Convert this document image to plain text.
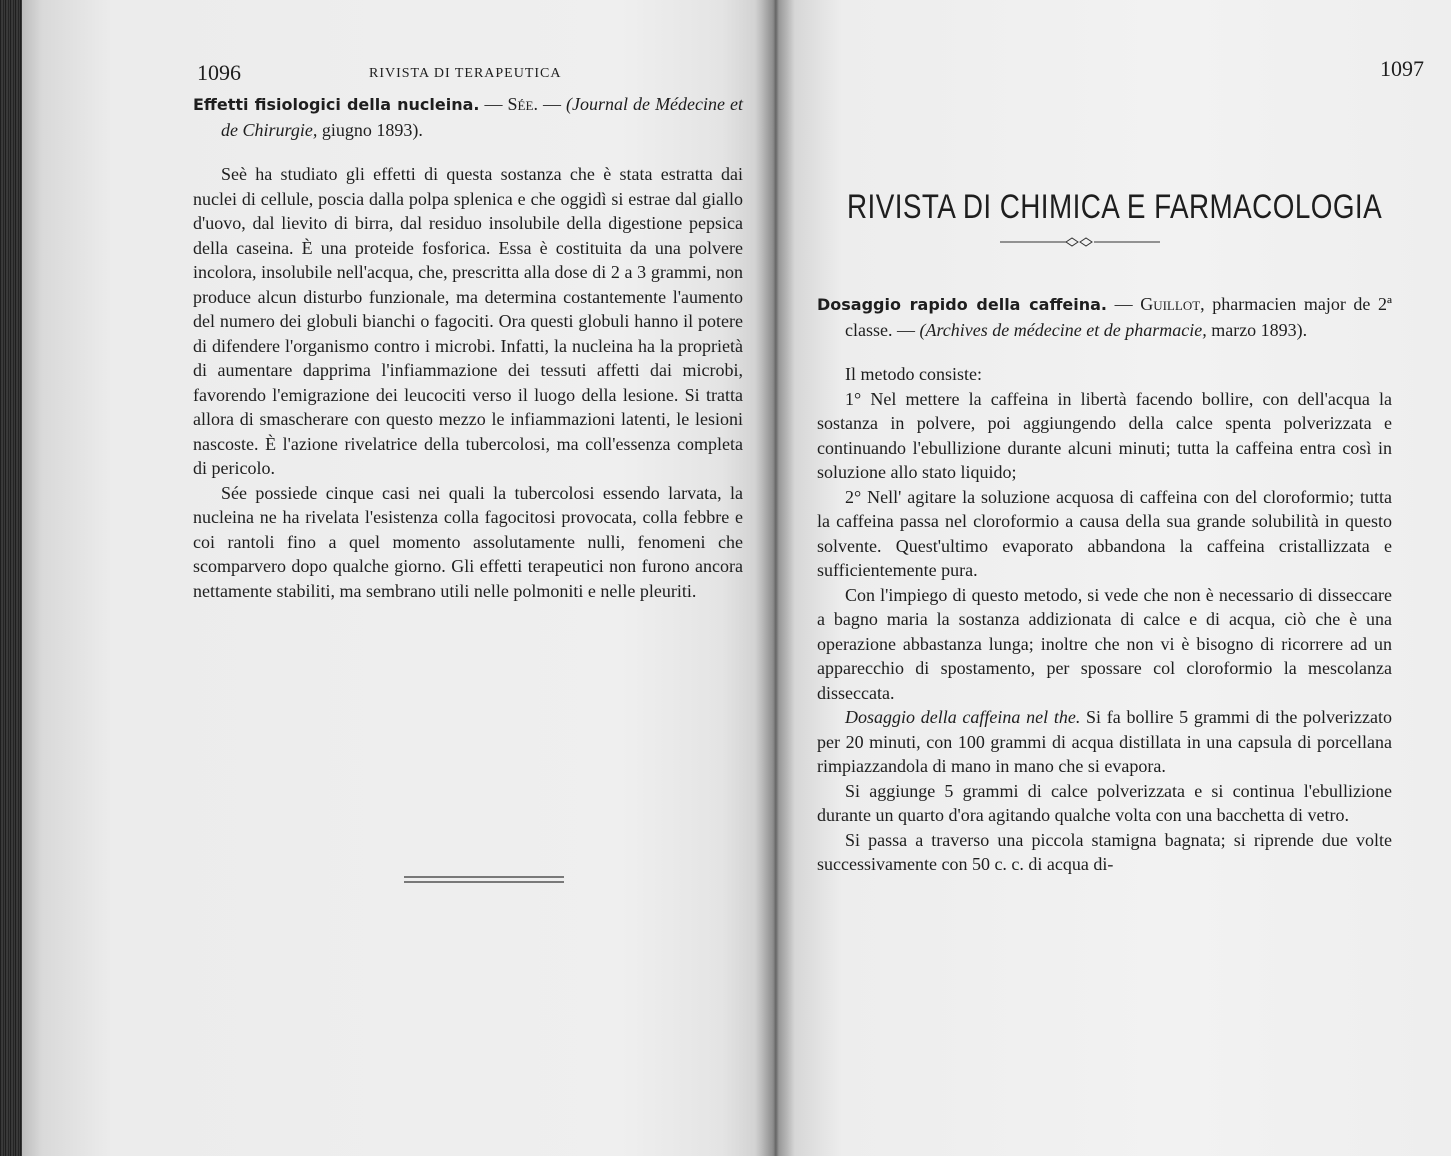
1096	RIVISTA DI TERAPEUTICA

Effetti fisiologici della nucleina. — Sée. — (Journal de Médecine et de Chirurgie, giugno 1893).

Seè ha studiato gli effetti di questa sostanza che è stata estratta dai nuclei di cellule, poscia dalla polpa splenica e che oggidì si estrae dal giallo d'uovo, dal lievito di birra, dal residuo insolubile della digestione pepsica della caseina. È una proteide fosforica. Essa è costituita da una polvere incolora, insolubile nell'acqua, che, prescritta alla dose di 2 a 3 grammi, non produce alcun disturbo funzionale, ma determina costantemente l'aumento del numero dei globuli bianchi o fagociti. Ora questi globuli hanno il potere di difendere l'organismo contro i microbi. Infatti, la nucleina ha la proprietà di aumentare dapprima l'infiammazione dei tessuti affetti dai microbi, favorendo l'emigrazione dei leucociti verso il luogo della lesione. Si tratta allora di smascherare con questo mezzo le infiammazioni latenti, le lesioni nascoste. È l'azione rivelatrice della tubercolosi, ma coll'essenza completa di pericolo.

Sée possiede cinque casi nei quali la tubercolosi essendo larvata, la nucleina ne ha rivelata l'esistenza colla fagocitosi provocata, colla febbre e coi rantoli fino a quel momento assolutamente nulli, fenomeni che scomparvero dopo qualche giorno. Gli effetti terapeutici non furono ancora nettamente stabiliti, ma sembrano utili nelle polmoniti e nelle pleuriti.

1097
RIVISTA DI CHIMICA E FARMACOLOGIA

Dosaggio rapido della caffeina. — Guillot, pharmacien major de 2ª classe. — (Archives de médecine et de pharmacie, marzo 1893).

Il metodo consiste:

1° Nel mettere la caffeina in libertà facendo bollire, con dell'acqua la sostanza in polvere, poi aggiungendo della calce spenta polverizzata e continuando l'ebullizione durante alcuni minuti; tutta la caffeina entra così in soluzione allo stato liquido;

2° Nell' agitare la soluzione acquosa di caffeina con del cloroformio; tutta la caffeina passa nel cloroformio a causa della sua grande solubilità in questo solvente. Quest'ultimo evaporato abbandona la caffeina cristallizzata e sufficientemente pura.

Con l'impiego di questo metodo, si vede che non è necessario di disseccare a bagno maria la sostanza addizionata di calce e di acqua, ciò che è una operazione abbastanza lunga; inoltre che non vi è bisogno di ricorrere ad un apparecchio di spostamento, per spossare col cloroformio la mescolanza disseccata.

Dosaggio della caffeina nel the. Si fa bollire 5 grammi di the polverizzato per 20 minuti, con 100 grammi di acqua distillata in una capsula di porcellana rimpiazzandola di mano in mano che si evapora.

Si aggiunge 5 grammi di calce polverizzata e si continua l'ebullizione durante un quarto d'ora agitando qualche volta con una bacchetta di vetro.

Si passa a traverso una piccola stamigna bagnata; si riprende due volte successivamente con 50 c. c. di acqua di-
